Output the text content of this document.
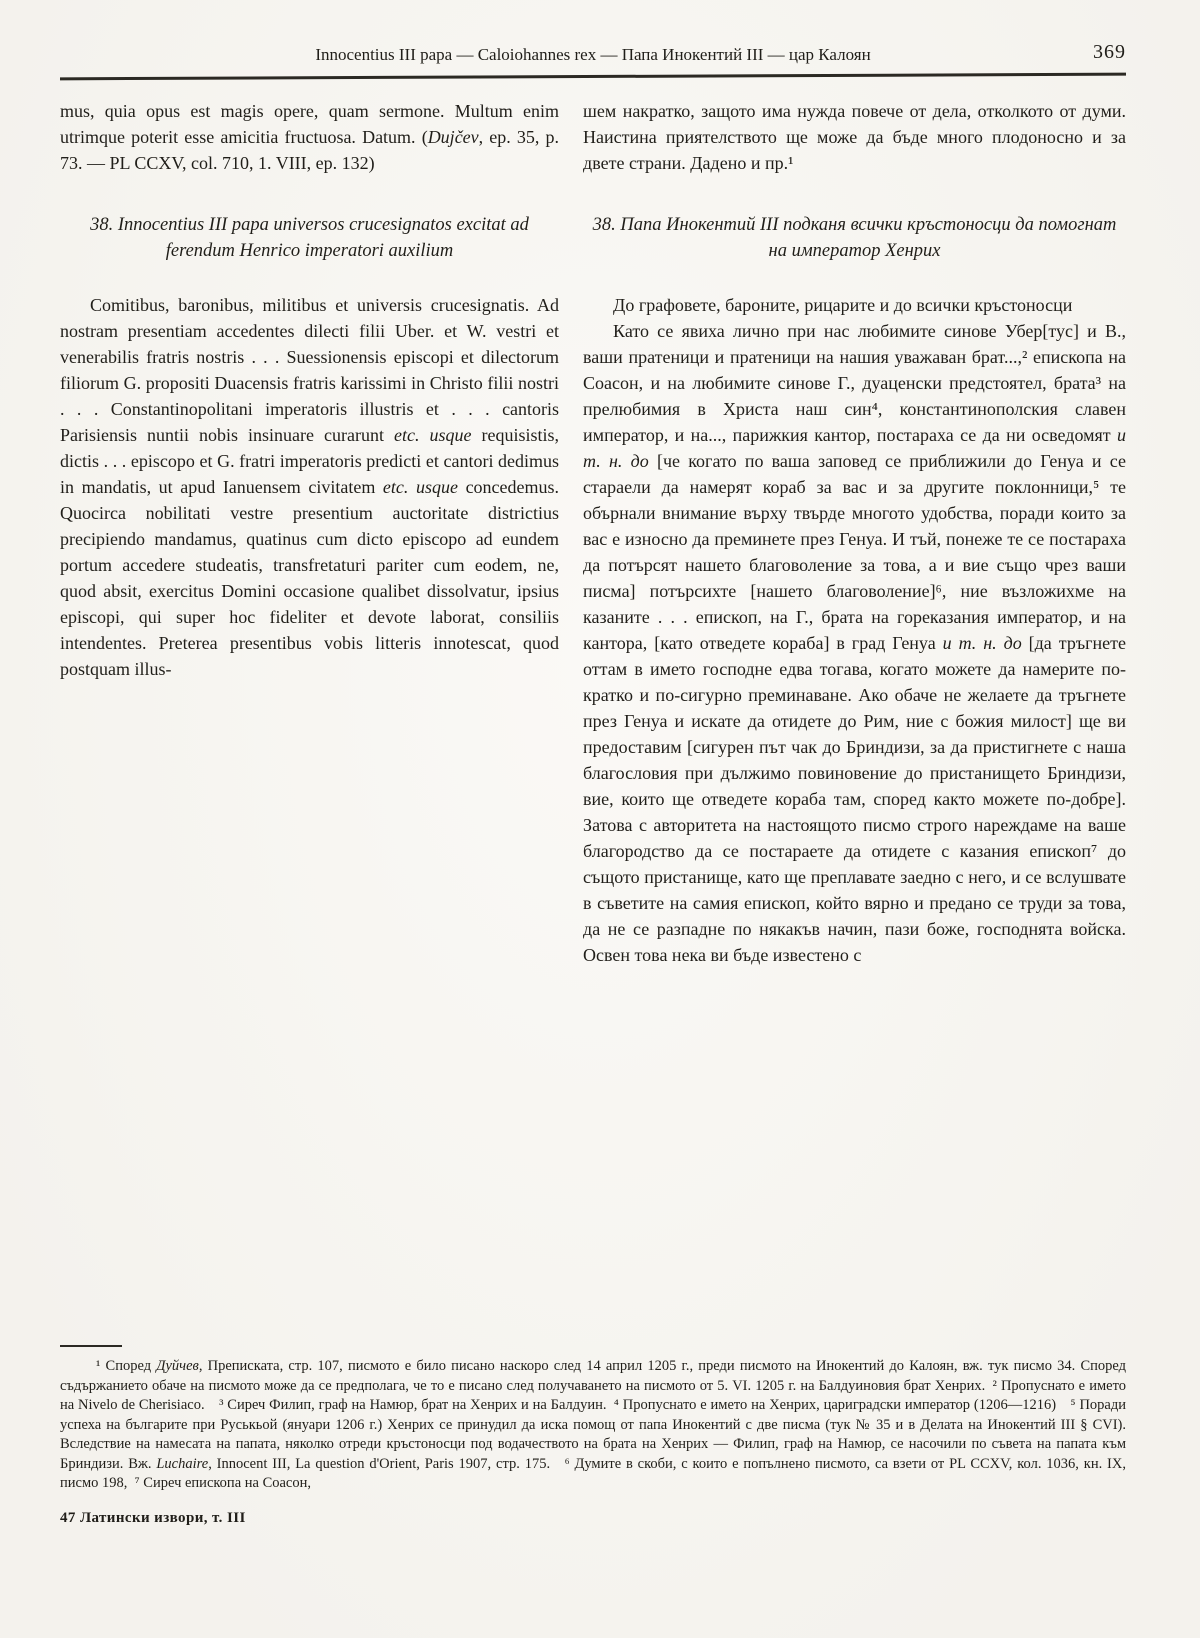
Innocentius III papa — Caloiohannes rex — Папа Инокентий III — цар Калоян	369

mus, quia opus est magis opere, quam sermone. Multum enim utrimque poterit esse amicitia fructuosa. Datum. (Dujčev, ep. 35, p. 73. — PL CCXV, col. 710, 1. VIII, ep. 132)

38. Innocentius III papa universos crucesignatos excitat ad ferendum Henrico imperatori auxilium

Comitibus, baronibus, militibus et universis crucesignatis. Ad nostram presentiam accedentes dilecti filii Uber. et W. vestri et venerabilis fratris nostris . . . Suessionensis episcopi et dilectorum filiorum G. propositi Duacensis fratris karissimi in Christo filii nostri . . . Constantinopolitani imperatoris illustris et . . . cantoris Parisiensis nuntii nobis insinuare curarunt etc. usque requisistis, dictis . . . episcopo et G. fratri imperatoris predicti et cantori dedimus in mandatis, ut apud Ianuensem civitatem etc. usque concedemus. Quocirca nobilitati vestre presentium auctoritate districtius precipiendo mandamus, quatinus cum dicto episcopo ad eundem portum accedere studeatis, transfretaturi pariter cum eodem, ne, quod absit, exercitus Domini occasione qualibet dissolvatur, ipsius episcopi, qui super hoc fideliter et devote laborat, consiliis intendentes. Preterea presentibus vobis litteris innotescat, quod postquam illus-

шем накратко, защото има нужда повече от дела, отколкото от думи. Наистина приятелството ще може да бъде много плодоносно и за двете страни. Дадено и пр.¹

38. Папа Инокентий III подканя всички кръстоносци да помогнат на император Хенрих

До графовете, бароните, рицарите и до всички кръстоносци

Като се явиха лично при нас любимите синове Убер[тус] и В., ваши пратеници и пратеници на нашия уважаван брат...,² епископа на Соасон, и на любимите синове Г., дуаценски предстоятел, брата³ на прелюбимия в Христа наш син⁴, константинополския славен император, и на..., парижкия кантор, постараха се да ни осведомят и т. н. до [че когато по ваша заповед се приближили до Генуа и се стараели да намерят кораб за вас и за другите поклонници,⁵ те обърнали внимание върху твърде многото удобства, поради които за вас е износно да преминете през Генуа. И тъй, понеже те се постараха да потърсят нашето благоволение за това, а и вие също чрез ваши писма] потърсихте [нашето благоволение]⁶, ние възложихме на казаните . . . епископ, на Г., брата на гореказания император, и на кантора, [като отведете кораба] в град Генуа и т. н. до [да тръгнете оттам в името господне едва тогава, когато можете да намерите по-кратко и по-сигурно преминаване. Ако обаче не желаете да тръгнете през Генуа и искате да отидете до Рим, ние с божия милост] ще ви предоставим [сигурен път чак до Бриндизи, за да пристигнете с наша благословия при дължимо повиновение до пристанището Бриндизи, вие, които ще отведете кораба там, според както можете по-добре]. Затова с авторитета на настоящото писмо строго нареждаме на ваше благородство да се постараете да отидете с казания епископ⁷ до същото пристанище, като ще преплавате заедно с него, и се вслушвате в съветите на самия епископ, който вярно и предано се труди за това, да не се разпадне по някакъв начин, пази боже, господнята войска. Освен това нека ви бъде известено с

¹ Според Дуйчев, Преписката, стр. 107, писмото е било писано наскоро след 14 април 1205 г., преди писмото на Инокентий до Калоян, вж. тук писмо 34. Според съдържанието обаче на писмото може да се предполага, че то е писано след получаването на писмото от 5. VI. 1205 г. на Балдуиновия брат Хенрих. ² Пропуснато е името на Nivelo de Cherisiaco. ³ Сиреч Филип, граф на Намюр, брат на Хенрих и на Балдуин. ⁴ Пропуснато е името на Хенрих, цариградски император (1206—1216) ⁵ Поради успеха на българите при Руськьой (януари 1206 г.) Хенрих се принудил да иска помощ от папа Инокентий с две писма (тук № 35 и в Делата на Инокентий III § CVI). Вследствие на намесата на папата, няколко отреди кръстоносци под водачеството на брата на Хенрих — Филип, граф на Намюр, се насочили по съвета на папата към Бриндизи. Вж. Luchaire, Innocent III, La question d'Orient, Paris 1907, стр. 175. ⁶ Думите в скоби, с които е попълнено писмото, са взети от PL CCXV, кол. 1036, кн. IX, писмо 198, ⁷ Сиреч епископа на Соасон,

47 Латински извори, т. III
